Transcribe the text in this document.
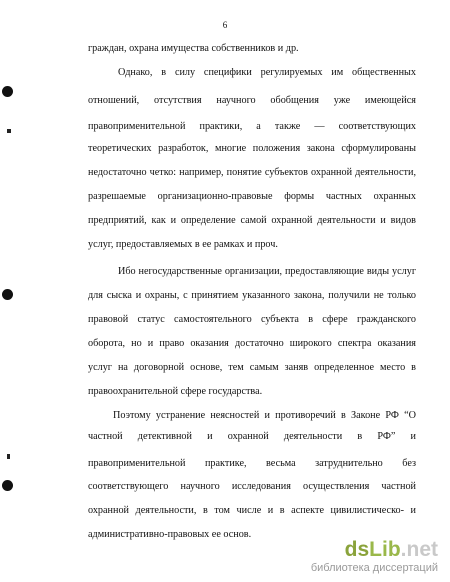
6

граждан, охрана имущества собственников и др.

Однако, в силу специфики регулируемых им общественных

отношений, отсутствия научного обобщения уже имеющейся

правоприменительной практики, а также — соответствующих

теоретических разработок, многие положения закона сформулированы

недостаточно четко: например, понятие субъектов охранной деятельности,

разрешаемые организационно-правовые формы частных охранных

предприятий, как и определение самой охранной деятельности и видов

услуг, предоставляемых в ее рамках и проч.

Ибо негосударственные организации, предоставляющие виды услуг

для сыска и охраны, с принятием указанного закона, получили не только

правовой статус самостоятельного субъекта в сфере гражданского

оборота, но и право оказания достаточно широкого спектра оказания

услуг на договорной основе, тем самым заняв определенное место в

правоохранительной сфере государства.

Поэтому устранение неясностей и противоречий в Законе РФ “О

частной детективной и охранной деятельности в РФ” и

правоприменительной практике, весьма затруднительно без

соответствующего научного исследования осуществления частной

охранной деятельности, в том числе и в аспекте цивилистическо- и

административно-правовых ее основ.

dsLib.net
библиотека диссертаций
